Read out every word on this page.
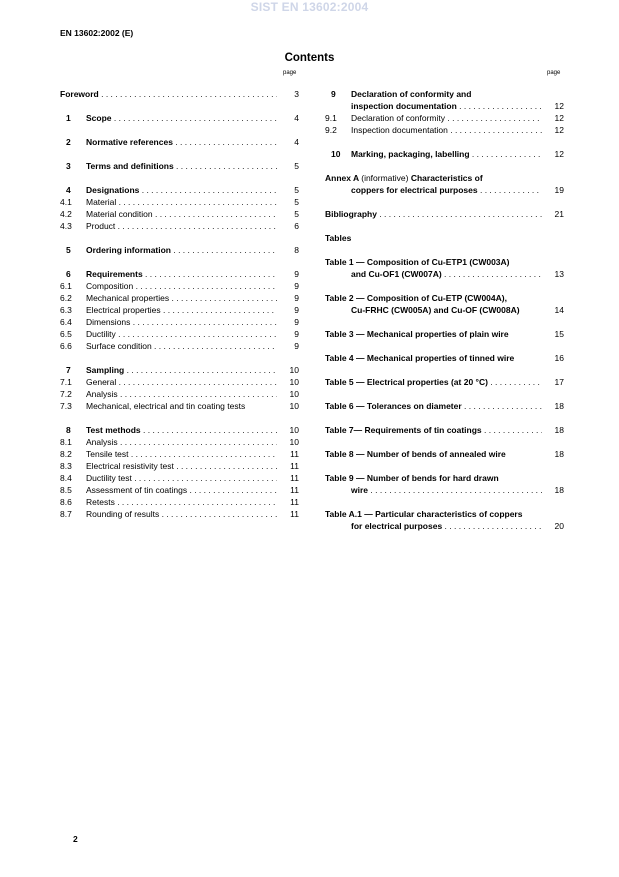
SIST EN 13602:2004
EN 13602:2002 (E)
Contents
page	page
Foreword . . .	3
1 Scope . . .	4
2 Normative references . . .	4
3 Terms and definitions . . .	5
4 Designations . . .	5
4.1 Material . . .	5
4.2 Material condition . . .	5
4.3 Product . . .	6
5 Ordering information . . .	8
6 Requirements . . .	9
6.1 Composition . . .	9
6.2 Mechanical properties . . .	9
6.3 Electrical properties . . .	9
6.4 Dimensions . . .	9
6.5 Ductility . . .	9
6.6 Surface condition . . .	9
7 Sampling . . .	10
7.1 General . . .	10
7.2 Analysis . . .	10
7.3 Mechanical, electrical and tin coating tests	10
8 Test methods . . .	10
8.1 Analysis . . .	10
8.2 Tensile test . . .	11
8.3 Electrical resistivity test . . .	11
8.4 Ductility test . . .	11
8.5 Assessment of tin coatings . . .	11
8.6 Retests . . .	11
8.7 Rounding of results . . .	11
9 Declaration of conformity and
inspection documentation . . .	12
9.1 Declaration of conformity . . .	12
9.2 Inspection documentation . . .	12
10 Marking, packaging, labelling . . .	12
Annex A (informative) Characteristics of
coppers for electrical purposes . . .	19
Bibliography . . .	21
Tables
Table 1 — Composition of Cu-ETP1 (CW003A)
and Cu-OF1 (CW007A) . . .	13
Table 2 — Composition of Cu-ETP (CW004A),
Cu-FRHC (CW005A) and Cu-OF (CW008A)	14
Table 3 — Mechanical properties of plain wire	15
Table 4 — Mechanical properties of tinned wire	16
Table 5 — Electrical properties (at 20 °C) . . .	17
Table 6 — Tolerances on diameter . . .	18
Table 7— Requirements of tin coatings . . .	18
Table 8 — Number of bends of annealed wire	18
Table 9 — Number of bends for hard drawn
wire . . .	18
Table A.1 — Particular characteristics of coppers
for electrical purposes . . .	20
2
